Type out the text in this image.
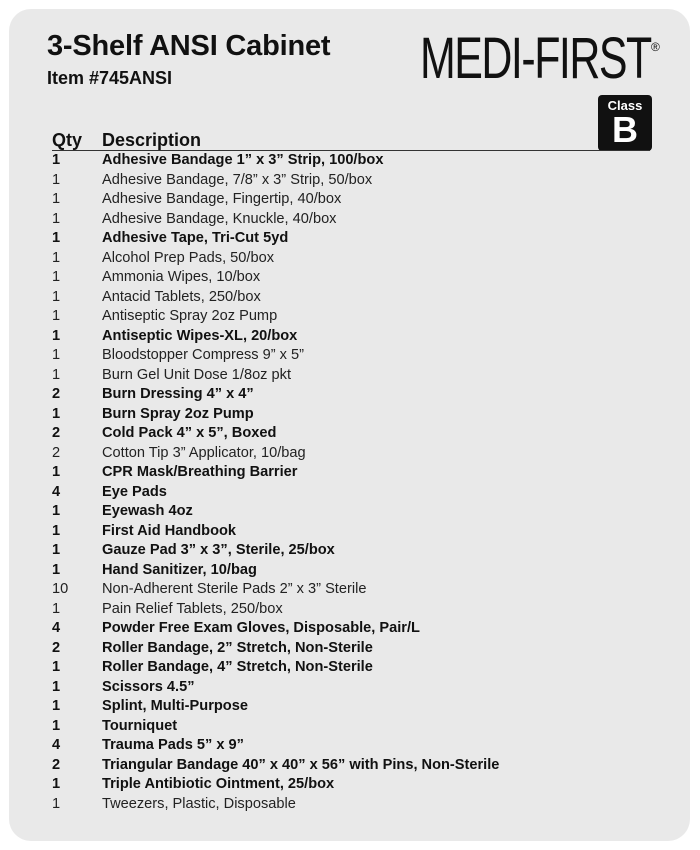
3-Shelf ANSI Cabinet
Item #745ANSI	MEDI-FIRST ®
Class
B
Qty Description
1	Adhesive Bandage 1” x 3” Strip, 100/box
1	Adhesive Bandage, 7/8” x 3” Strip, 50/box
1	Adhesive Bandage, Fingertip, 40/box
1	Adhesive Bandage, Knuckle, 40/box
1	Adhesive Tape, Tri-Cut 5yd
1	Alcohol Prep Pads, 50/box
1	Ammonia Wipes, 10/box
1	Antacid Tablets, 250/box
1	Antiseptic Spray 2oz Pump
1	Antiseptic Wipes-XL, 20/box
1	Bloodstopper Compress 9” x 5”
1	Burn Gel Unit Dose 1/8oz pkt
2	Burn Dressing 4” x 4”
1	Burn Spray 2oz Pump
2	Cold Pack 4” x 5”, Boxed
2	Cotton Tip 3” Applicator, 10/bag
1	CPR Mask/Breathing Barrier
4	Eye Pads
1	Eyewash 4oz
1	First Aid Handbook
1	Gauze Pad 3” x 3”, Sterile, 25/box
1	Hand Sanitizer, 10/bag
10 Non-Adherent Sterile Pads 2” x 3” Sterile
1	Pain Relief Tablets, 250/box
4	Powder Free Exam Gloves, Disposable, Pair/L
2	Roller Bandage, 2” Stretch, Non-Sterile
1	Roller Bandage, 4” Stretch, Non-Sterile
1	Scissors 4.5”
1	Splint, Multi-Purpose
1	Tourniquet
4	Trauma Pads 5” x 9”
2	Triangular Bandage 40” x 40” x 56” with Pins, Non-Sterile
1	Triple Antibiotic Ointment, 25/box
1	Tweezers, Plastic, Disposable
